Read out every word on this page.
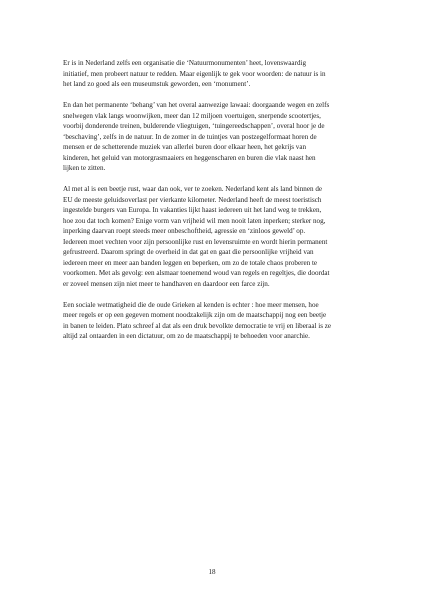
Er is in Nederland zelfs een organisatie die ‘Natuurmonumenten’ heet, lovenswaardig
initiatief, men probeert natuur te redden. Maar eigenlijk te gek voor woorden: de natuur is in
het land zo goed als een museumstuk geworden, een ‘monument’.

En dan het permanente ‘behang’ van het overal aanwezige lawaai: doorgaande wegen en zelfs
snelwegen vlak langs woonwijken, meer dan 12 miljoen voertuigen, snerpende scootertjes,
voorbij donderende treinen, bulderende vliegtuigen, ‘tuingereedschappen’, overal hoor je de
‘beschaving’, zelfs in de natuur. In de zomer in de tuintjes van postzegelformaat horen de
mensen er de schetterende muziek van allerlei buren door elkaar heen, het gekrijs van
kinderen, het geluid van motorgrasmaaiers en heggenscharen en buren die vlak naast hen
lijken te zitten.

Al met al is een beetje rust, waar dan ook, ver te zoeken. Nederland kent als land binnen de
EU de meeste geluidsoverlast per vierkante kilometer. Nederland heeft de meest toeristisch
ingestelde burgers van Europa. In vakanties lijkt haast iedereen uit het land weg te trekken,
hoe zou dat toch komen? Enige vorm van vrijheid wil men nooit laten inperken; sterker nog,
inperking daarvan roept steeds meer onbeschoftheid, agressie en ‘zinloos geweld’ op.
Iedereen moet vechten voor zijn persoonlijke rust en levensruimte en wordt hierin permanent
gefrustreerd. Daarom springt de overheid in dat gat en gaat die persoonlijke vrijheid van
iedereen meer en meer aan banden leggen en beperken, om zo de totale chaos proberen te
voorkomen. Met als gevolg: een alsmaar toenemend woud van regels en regeltjes, die doordat
er zoveel mensen zijn niet meer te handhaven en daardoor een farce zijn.

Een sociale wetmatigheid die de oude Grieken al kenden is echter : hoe meer mensen, hoe
meer regels er op een gegeven moment noodzakelijk zijn om de maatschappij nog een beetje
in banen te leiden. Plato schreef al dat als een druk bevolkte democratie te vrij en liberaal is ze
altijd zal ontaarden in een dictatuur, om zo de maatschappij te behoeden voor anarchie.

18
